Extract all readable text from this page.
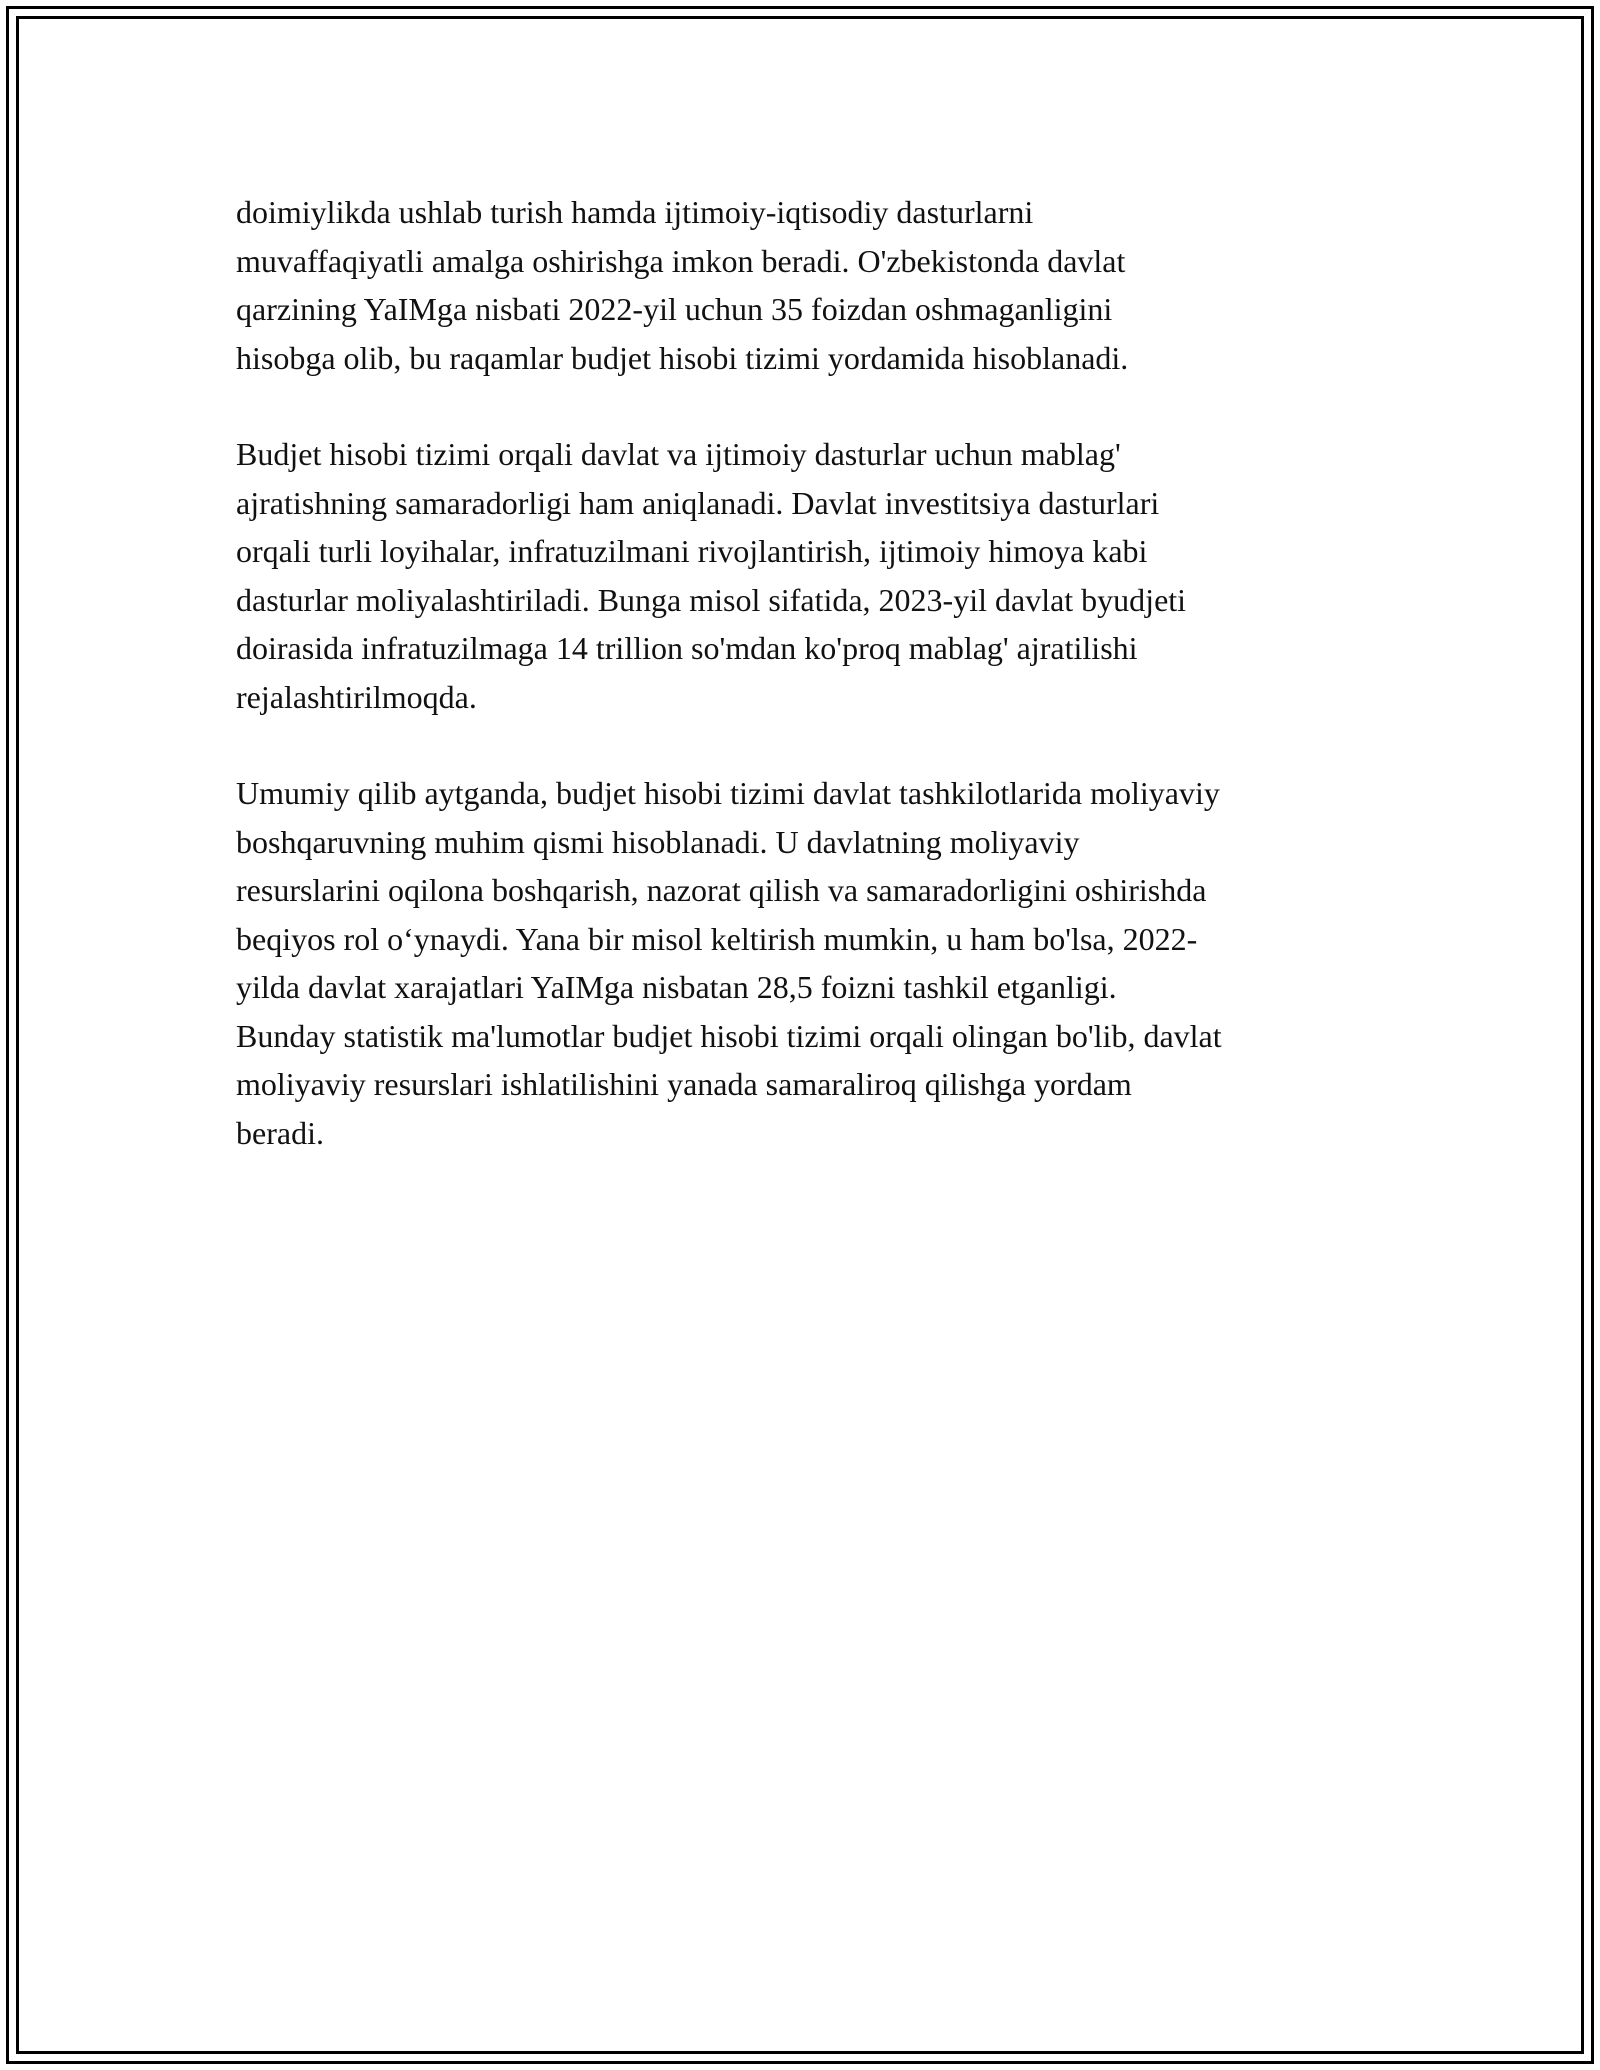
doimiylikda ushlab turish hamda ijtimoiy-iqtisodiy dasturlarni
muvaffaqiyatli amalga oshirishga imkon beradi. O'zbekistonda davlat
qarzining YaIMga nisbati 2022-yil uchun 35 foizdan oshmaganligini
hisobga olib, bu raqamlar budjet hisobi tizimi yordamida hisoblanadi.

Budjet hisobi tizimi orqali davlat va ijtimoiy dasturlar uchun mablag'
ajratishning samaradorligi ham aniqlanadi. Davlat investitsiya dasturlari
orqali turli loyihalar, infratuzilmani rivojlantirish, ijtimoiy himoya kabi
dasturlar moliyalashtiriladi. Bunga misol sifatida, 2023-yil davlat byudjeti
doirasida infratuzilmaga 14 trillion so'mdan ko'proq mablag' ajratilishi
rejalashtirilmoqda.

Umumiy qilib aytganda, budjet hisobi tizimi davlat tashkilotlarida moliyaviy
boshqaruvning muhim qismi hisoblanadi. U davlatning moliyaviy
resurslarini oqilona boshqarish, nazorat qilish va samaradorligini oshirishda
beqiyos rol o‘ynaydi. Yana bir misol keltirish mumkin, u ham bo'lsa, 2022-
yilda davlat xarajatlari YaIMga nisbatan 28,5 foizni tashkil etganligi.
Bunday statistik ma'lumotlar budjet hisobi tizimi orqali olingan bo'lib, davlat
moliyaviy resurslari ishlatilishini yanada samaraliroq qilishga yordam
beradi.
